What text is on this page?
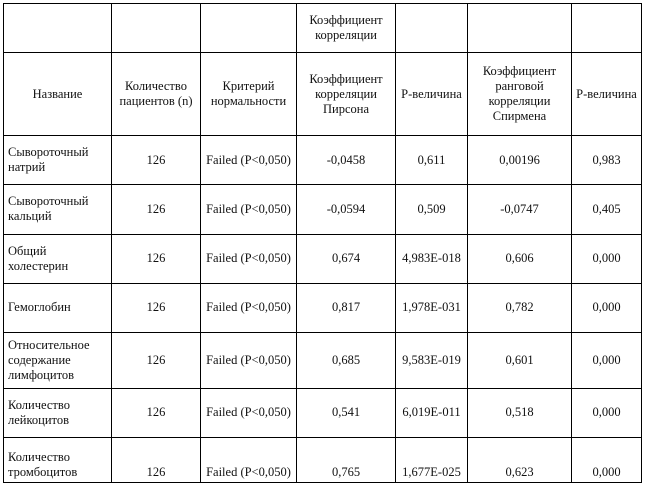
			Коэффициент корреляции			
Название	Количество пациентов (n)	Критерий нормальности	Коэффициент корреляции Пирсона	P-величина	Коэффициент ранговой корреляции Спирмена	P-величина
Сывороточный натрий	126	Failed (P<0,050)	-0,0458	0,611	0,00196	0,983
Сывороточный кальций	126	Failed (P<0,050)	-0,0594	0,509	-0,0747	0,405
Общий холестерин	126	Failed (P<0,050)	0,674	4,983E-018	0,606	0,000
Гемоглобин	126	Failed (P<0,050)	0,817	1,978E-031	0,782	0,000
Относительное содержание лимфоцитов	126	Failed (P<0,050)	0,685	9,583E-019	0,601	0,000
Количество лейкоцитов	126	Failed (P<0,050)	0,541	6,019E-011	0,518	0,000
Количество тромбоцитов	126	Failed (P<0,050)	0,765	1,677E-025	0,623	0,000
